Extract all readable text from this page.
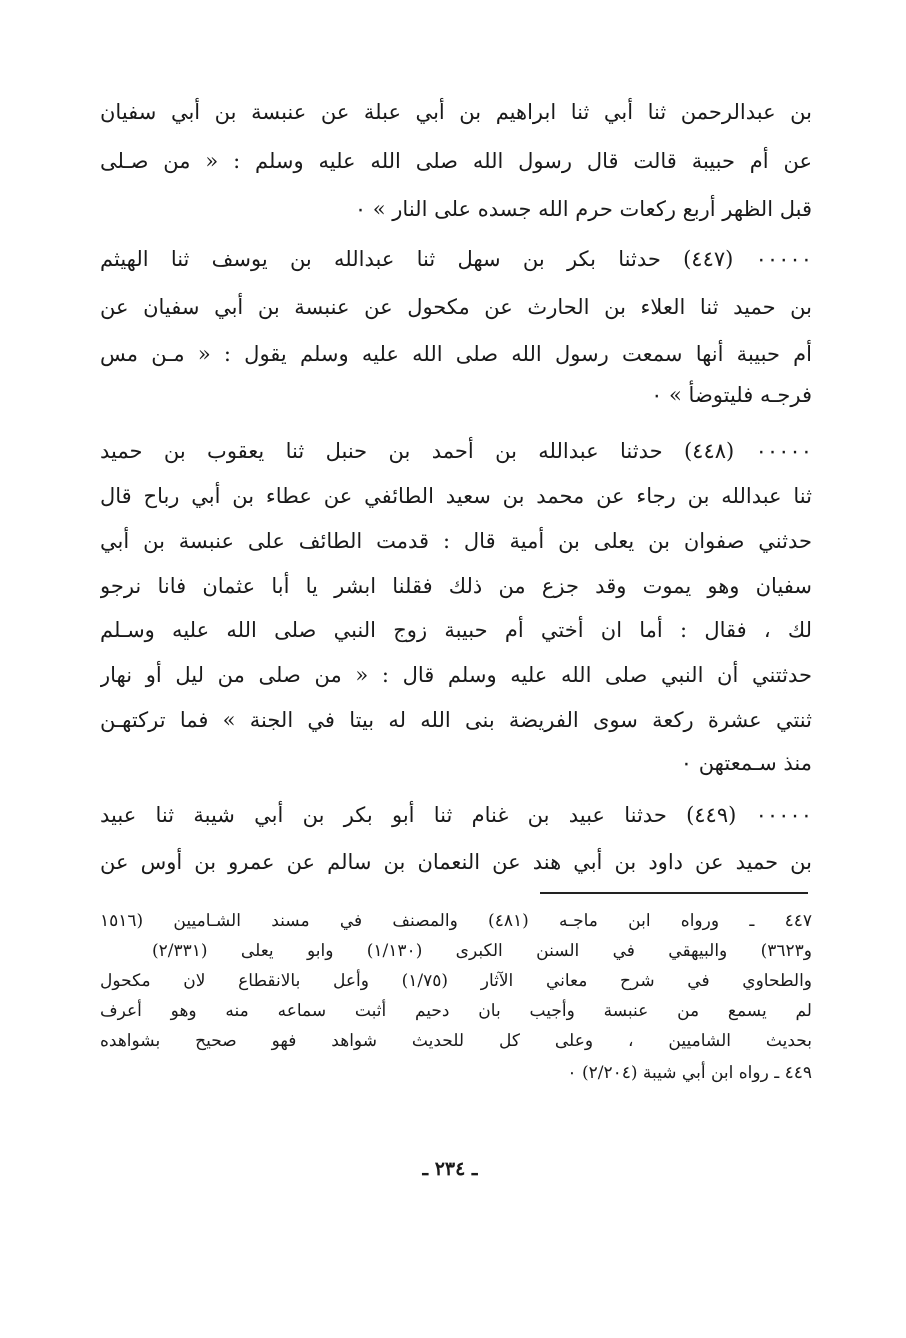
بن عبدالرحمن ثنا أبي ثنا ابراهيم بن أبي عبلة عن عنبسة بن أبي سفيان
عن أم حبيبة قالت قال رسول الله صلى الله عليه وسلم : « من صـلى
قبل الظهر أربع ركعات حرم الله جسده على النار » ٠
٠٠٠٠٠ (٤٤٧) حدثنا بكر بن سهل ثنا عبدالله بن يوسف ثنا الهيثم
بن حميد ثنا العلاء بن الحارث عن مكحول عن عنبسة بن أبي سفيان عن
أم حبيبة أنها سمعت رسول الله صلى الله عليه وسلم يقول : « مـن مس
فرجـه فليتوضأ » ٠
٠٠٠٠٠ (٤٤٨) حدثنا عبدالله بن أحمد بن حنبل ثنا يعقوب بن حميد
ثنا عبدالله بن رجاء عن محمد بن سعيد الطائفي عن عطاء بن أبي رباح قال
حدثني صفوان بن يعلى بن أمية قال : قدمت الطائف على عنبسة بن أبي
سفيان وهو يموت وقد جزع من ذلك فقلنا ابشر يا أبا عثمان فانا نرجو
لك ، فقال : أما ان أختي أم حبيبة زوج النبي صلى الله عليه وسـلم
حدثتني أن النبي صلى الله عليه وسلم قال : « من صلى من ليل أو نهار
ثنتي عشرة ركعة سوى الفريضة بنى الله له بيتا في الجنة » فما تركتهـن
منذ سـمعتهن ٠
٠٠٠٠٠ (٤٤٩) حدثنا عبيد بن غنام ثنا أبو بكر بن أبي شيبة ثنا عبيد
بن حميد عن داود بن أبي هند عن النعمان بن سالم عن عمرو بن أوس عن
٤٤٧ ـ ورواه ابن ماجـه (٤٨١) والمصنف في مسند الشـاميين (١٥١٦
و٣٦٢٣) والبيهقي في السنن الكبرى (١/١٣٠) وابو يعلى (٢/٣٣١)
والطحاوي في شرح معاني الآثار (١/٧٥) وأعل بالانقطاع لان مكحول
لم يسمع من عنبسة وأجيب بان دحيم أثبت سماعه منه وهو أعرف
بحديث الشاميين ، وعلى كل للحديث شواهد فهو صحيح بشواهده
٤٤٩ ـ رواه ابن أبي شيبة (٢/٢٠٤) ٠
ـ ٢٣٤ ـ
